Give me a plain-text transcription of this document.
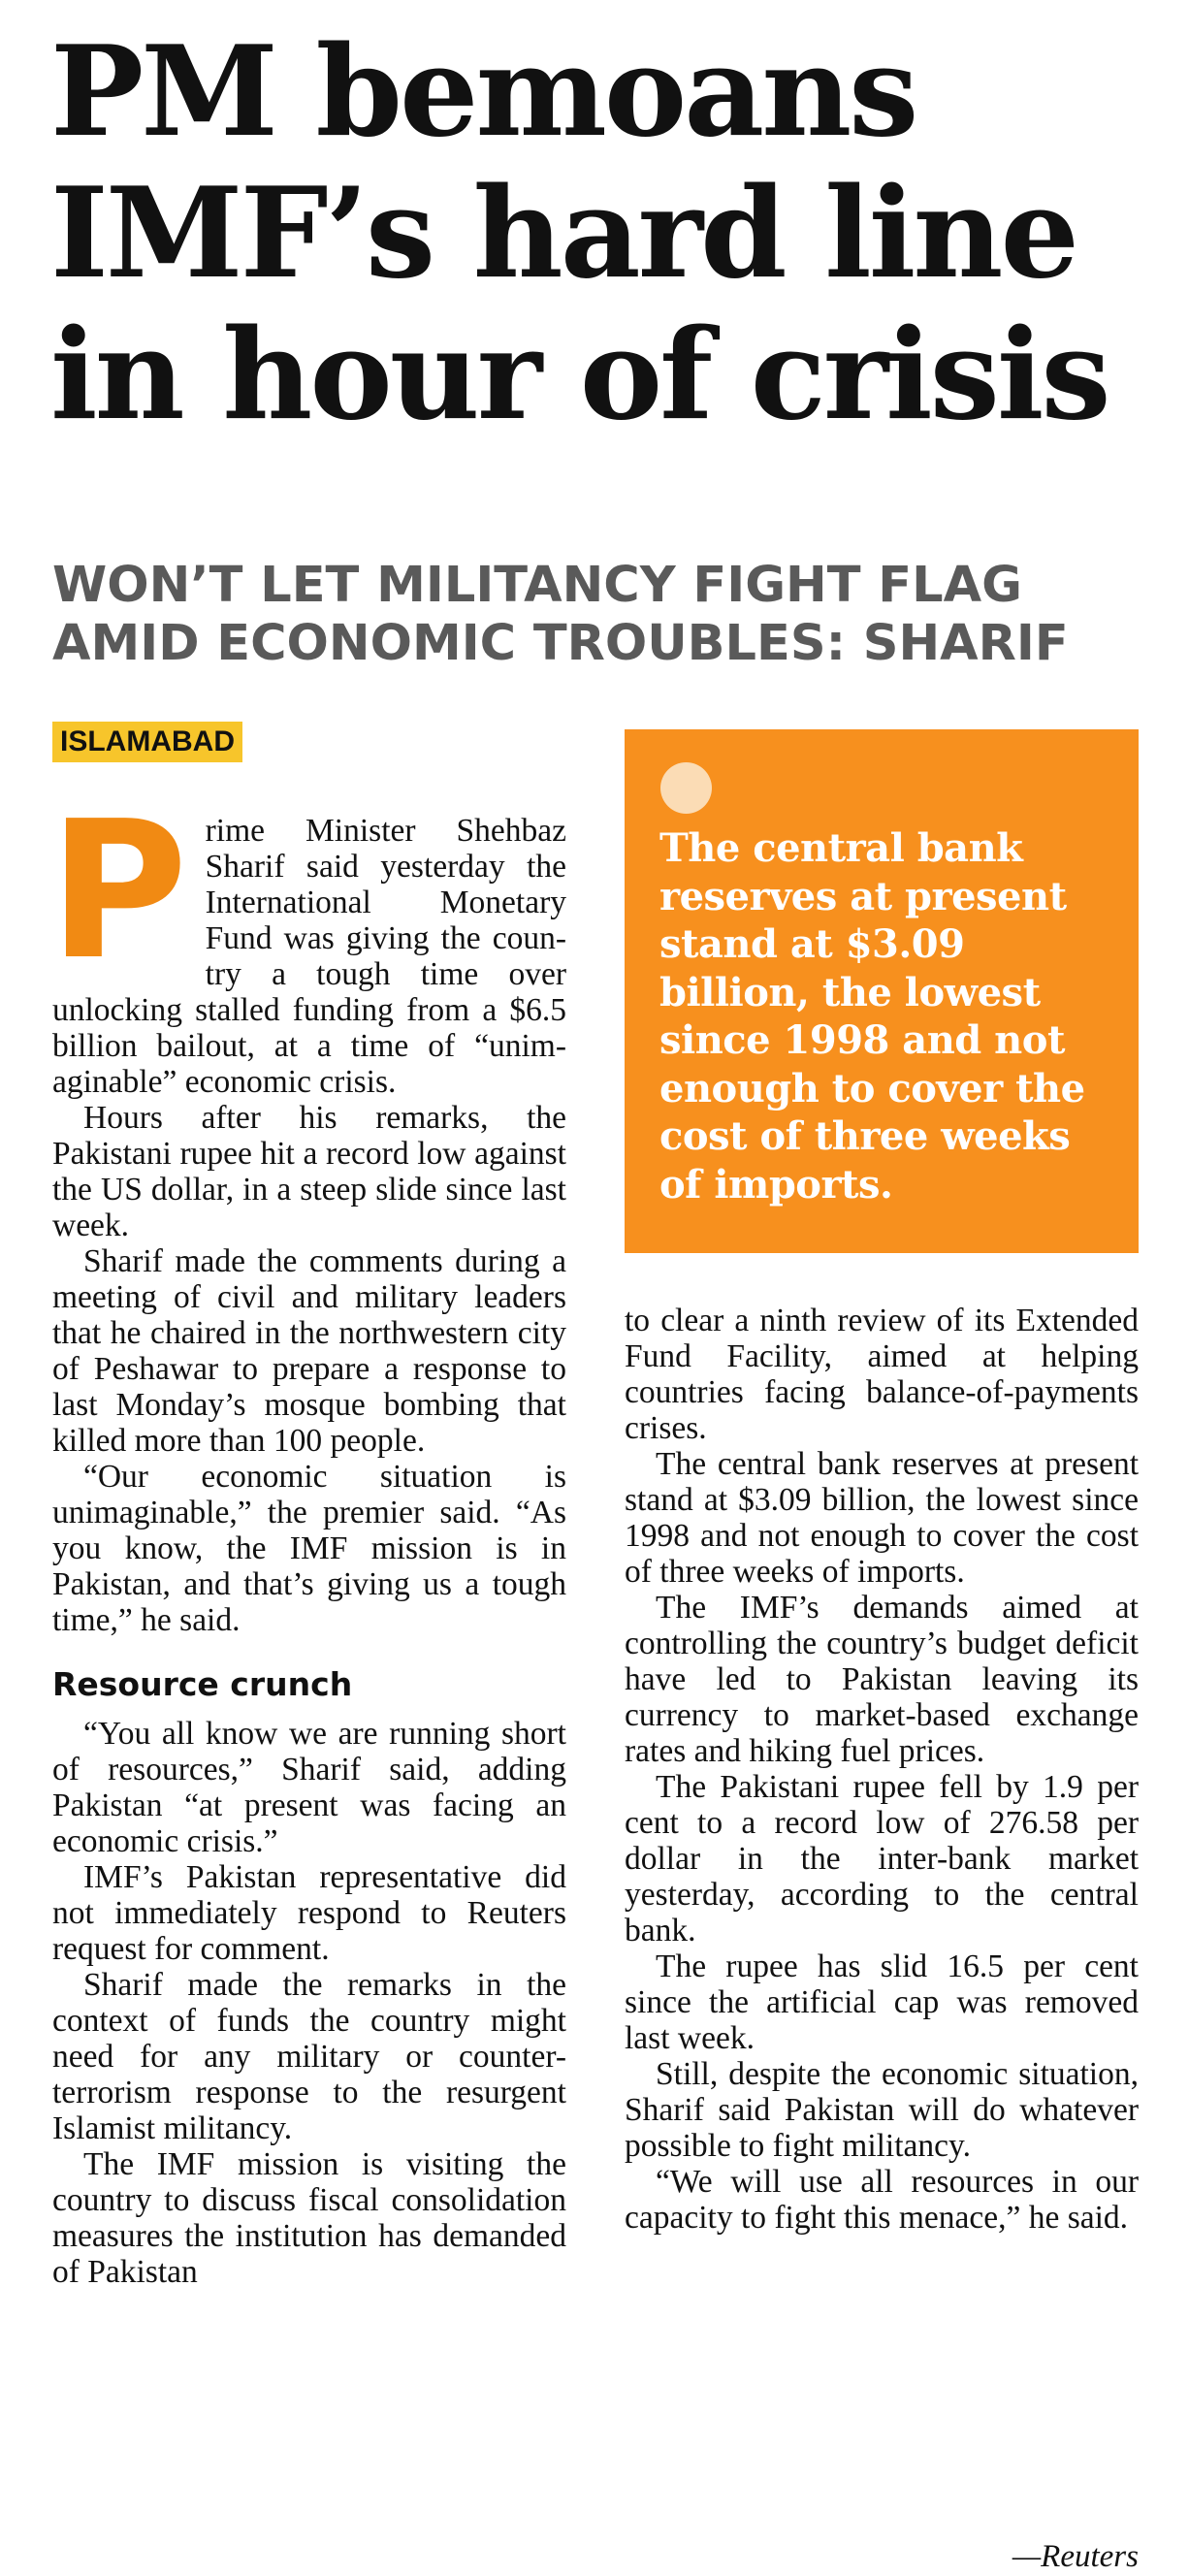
PM bemoans
IMF’s hard line
in hour of crisis
WON’T LET MILITANCY FIGHT FLAG
AMID ECONOMIC TROUBLES: SHARIF
ISLAMABAD

Prime Minister Shehbaz Sharif said yesterday the International Monetary Fund was giving the country a tough time over unlocking stalled funding from a $6.5 billion bailout, at a time of “unimaginable” economic crisis.

Hours after his remarks, the Pakistani rupee hit a record low against the US dollar, in a steep slide since last week.

Sharif made the comments during a meeting of civil and military leaders that he chaired in the northwestern city of Peshawar to prepare a response to last Monday’s mosque bombing that killed more than 100 people.

“Our economic situation is unimaginable,” the premier said. “As you know, the IMF mission is in Pakistan, and that’s giving us a tough time,” he said.

Resource crunch

“You all know we are running short of resources,” Sharif said, adding Pakistan “at present was facing an economic crisis.”

IMF’s Pakistan representative did not immediately respond to Reuters request for comment.

Sharif made the remarks in the context of funds the country might need for any military or counter-terrorism response to the resurgent Islamist militancy.

The IMF mission is visiting the country to discuss fiscal consolidation measures the institution has demanded of Pakistan

The central bank reserves at present stand at $3.09 billion, the lowest since 1998 and not enough to cover the cost of three weeks of imports.

to clear a ninth review of its Extended Fund Facility, aimed at helping countries facing balance-of-payments crises.

The central bank reserves at present stand at $3.09 billion, the lowest since 1998 and not enough to cover the cost of three weeks of imports.

The IMF’s demands aimed at controlling the country’s budget deficit have led to Pakistan leaving its currency to market-based exchange rates and hiking fuel prices.

The Pakistani rupee fell by 1.9 per cent to a record low of 276.58 per dollar in the inter-bank market yesterday, according to the central bank.

The rupee has slid 16.5 per cent since the artificial cap was removed last week.

Still, despite the economic situation, Sharif said Pakistan will do whatever possible to fight militancy.

“We will use all resources in our capacity to fight this menace,” he said.

—Reuters
